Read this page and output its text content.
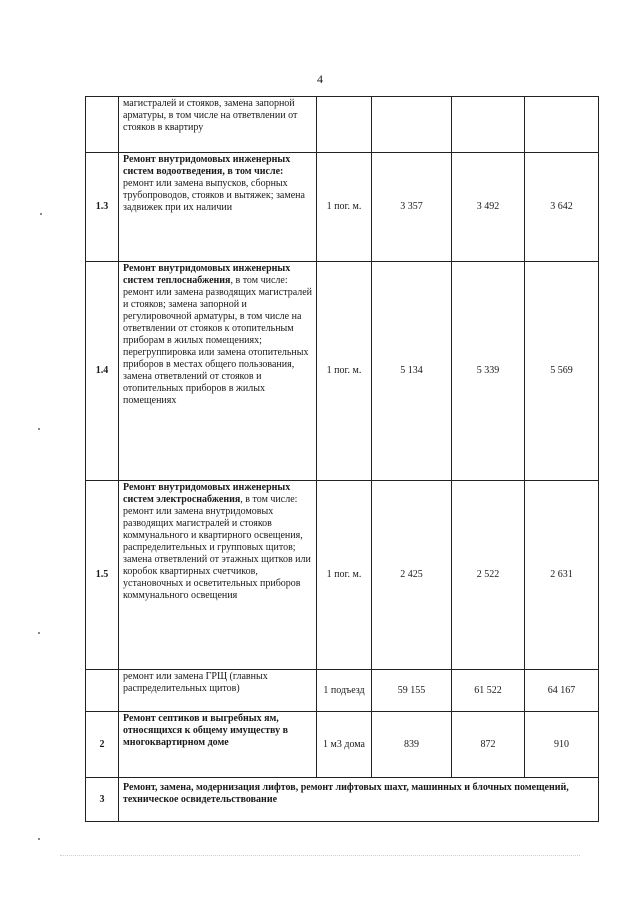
4
	магистралей и стояков, замена запорной арматуры, в том числе на ответвлении от стояков в квартиру				
1.3	Ремонт внутридомовых инженерных систем водоотведения, в том числе: ремонт или замена выпусков, сборных трубопроводов, стояков и вытяжек; замена задвижек при их наличии	1 пог. м.	3 357	3 492	3 642
1.4	Ремонт внутридомовых инженерных систем теплоснабжения, в том числе: ремонт или замена разводящих магистралей и стояков; замена запорной и регулировочной арматуры, в том числе на ответвлении от стояков к отопительным приборам в жилых помещениях; перегруппировка или замена отопительных приборов в местах общего пользования, замена ответвлений от стояков и отопительных приборов в жилых помещениях	1 пог. м.	5 134	5 339	5 569
1.5	Ремонт внутридомовых инженерных систем электроснабжения, в том числе: ремонт или замена внутридомовых разводящих магистралей и стояков коммунального и квартирного освещения, распределительных и групповых щитов; замена ответвлений от этажных щитков или коробок квартирных счетчиков, установочных и осветительных приборов коммунального освещения	1 пог. м.	2 425	2 522	2 631
	ремонт или замена ГРЩ (главных распределительных щитов)	1 подъезд	59 155	61 522	64 167
2	Ремонт септиков и выгребных ям, относящихся к общему имуществу в многоквартирном доме	1 м3 дома	839	872	910
3	Ремонт, замена, модернизация лифтов, ремонт лифтовых шахт, машинных и блочных помещений, техническое освидетельствование				
